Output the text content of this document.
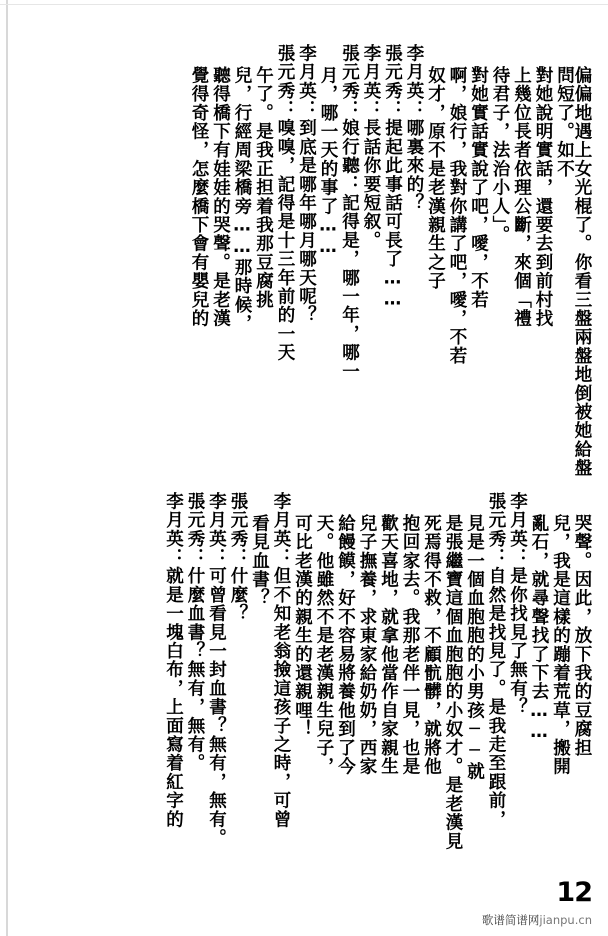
偏偏地遇上女光棍了。你看三盤兩盤地倒被她給盤問短了。如不
對她說明實話，還要去到前村找
上幾位長者依理公斷，來個「禮
待君子，法治小人」。
對她實話實說了吧，噯，不若
啊，娘行，我對你講了吧，噯，不若
奴才，原不是老漢親生之子
李月英：哪裏來的？
張元秀：提起此事話可長了……
李月英：長話你要短叙。
張元秀：娘行聽：記得是，哪一年，哪一
月，哪一天的事了……
李月英：到底是哪年哪月哪天呢？
張元秀：嗅嗅，記得是十三年前的一天
午了。是我正担着我那豆腐挑
兒，行經周梁橋旁……那時候，
聽得橋下有娃娃的哭聲。是老漢
覺得奇怪，怎麼橋下會有嬰兒的
哭聲。因此，放下我的豆腐担
兒，我是這樣的蹦着荒草，搬開
亂石，就尋聲找了下去……
李月英：是你找見了無有？
張元秀：自然是找見了。是我走至跟前，
見是一個血胞胞的小男孩──就
是張繼寶這個血胞胞的小奴才。是老漢見
死焉得不救，不顧骯髒，就將他
抱回家去。我那老伴一見，也是
歡天喜地，就拿他當作自家親生
兒子撫養，求東家給奶奶，西家
給饅饃，好不容易將養他到了今
天。他雖然不是老漢親生兒子，
可比老漢的親生的還親哩！
李月英：但不知老翁撿這孩子之時，可曾
看見血書？
張元秀：什麼？
李月英：可曾看見一封血書？無有，無有。
張元秀：什麼血書？無有，無有。
李月英：就是一塊白布，上面寫着紅字的
12
歌谱简谱网jianpu.cn
